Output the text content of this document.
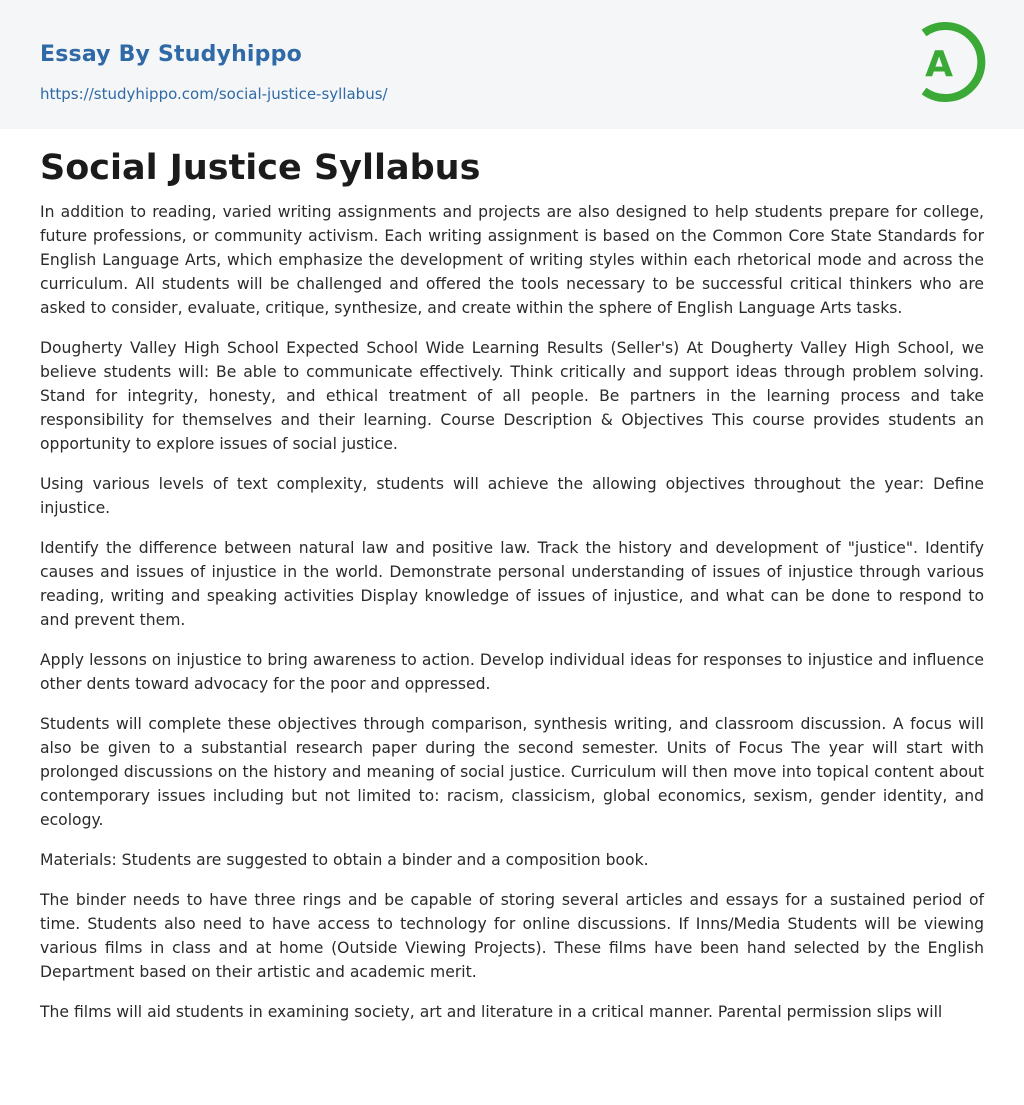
Essay By Studyhippo
https://studyhippo.com/social-justice-syllabus/
A
Social Justice Syllabus

In addition to reading, varied writing assignments and projects are also designed to help students prepare for college, future professions, or community activism. Each writing assignment is based on the Common Core State Standards for English Language Arts, which emphasize the development of writing styles within each rhetorical mode and across the curriculum. All students will be challenged and offered the tools necessary to be successful critical thinkers who are asked to consider, evaluate, critique, synthesize, and create within the sphere of English Language Arts tasks.

Dougherty Valley High School Expected School Wide Learning Results (Seller's) At Dougherty Valley High School, we believe students will: Be able to communicate effectively. Think critically and support ideas through problem solving. Stand for integrity, honesty, and ethical treatment of all people. Be partners in the learning process and take responsibility for themselves and their learning. Course Description & Objectives This course provides students an opportunity to explore issues of social justice.

Using various levels of text complexity, students will achieve the allowing objectives throughout the year: Define injustice.

Identify the difference between natural law and positive law. Track the history and development of "justice". Identify causes and issues of injustice in the world. Demonstrate personal understanding of issues of injustice through various reading, writing and speaking activities Display knowledge of issues of injustice, and what can be done to respond to and prevent them.

Apply lessons on injustice to bring awareness to action. Develop individual ideas for responses to injustice and influence other dents toward advocacy for the poor and oppressed.

Students will complete these objectives through comparison, synthesis writing, and classroom discussion. A focus will also be given to a substantial research paper during the second semester. Units of Focus The year will start with prolonged discussions on the history and meaning of social justice. Curriculum will then move into topical content about contemporary issues including but not limited to: racism, classicism, global economics, sexism, gender identity, and ecology.

Materials: Students are suggested to obtain a binder and a composition book.

The binder needs to have three rings and be capable of storing several articles and essays for a sustained period of time. Students also need to have access to technology for online discussions. If Inns/Media Students will be viewing various films in class and at home (Outside Viewing Projects). These films have been hand selected by the English Department based on their artistic and academic merit.

The films will aid students in examining society, art and literature in a critical manner. Parental permission slips will
